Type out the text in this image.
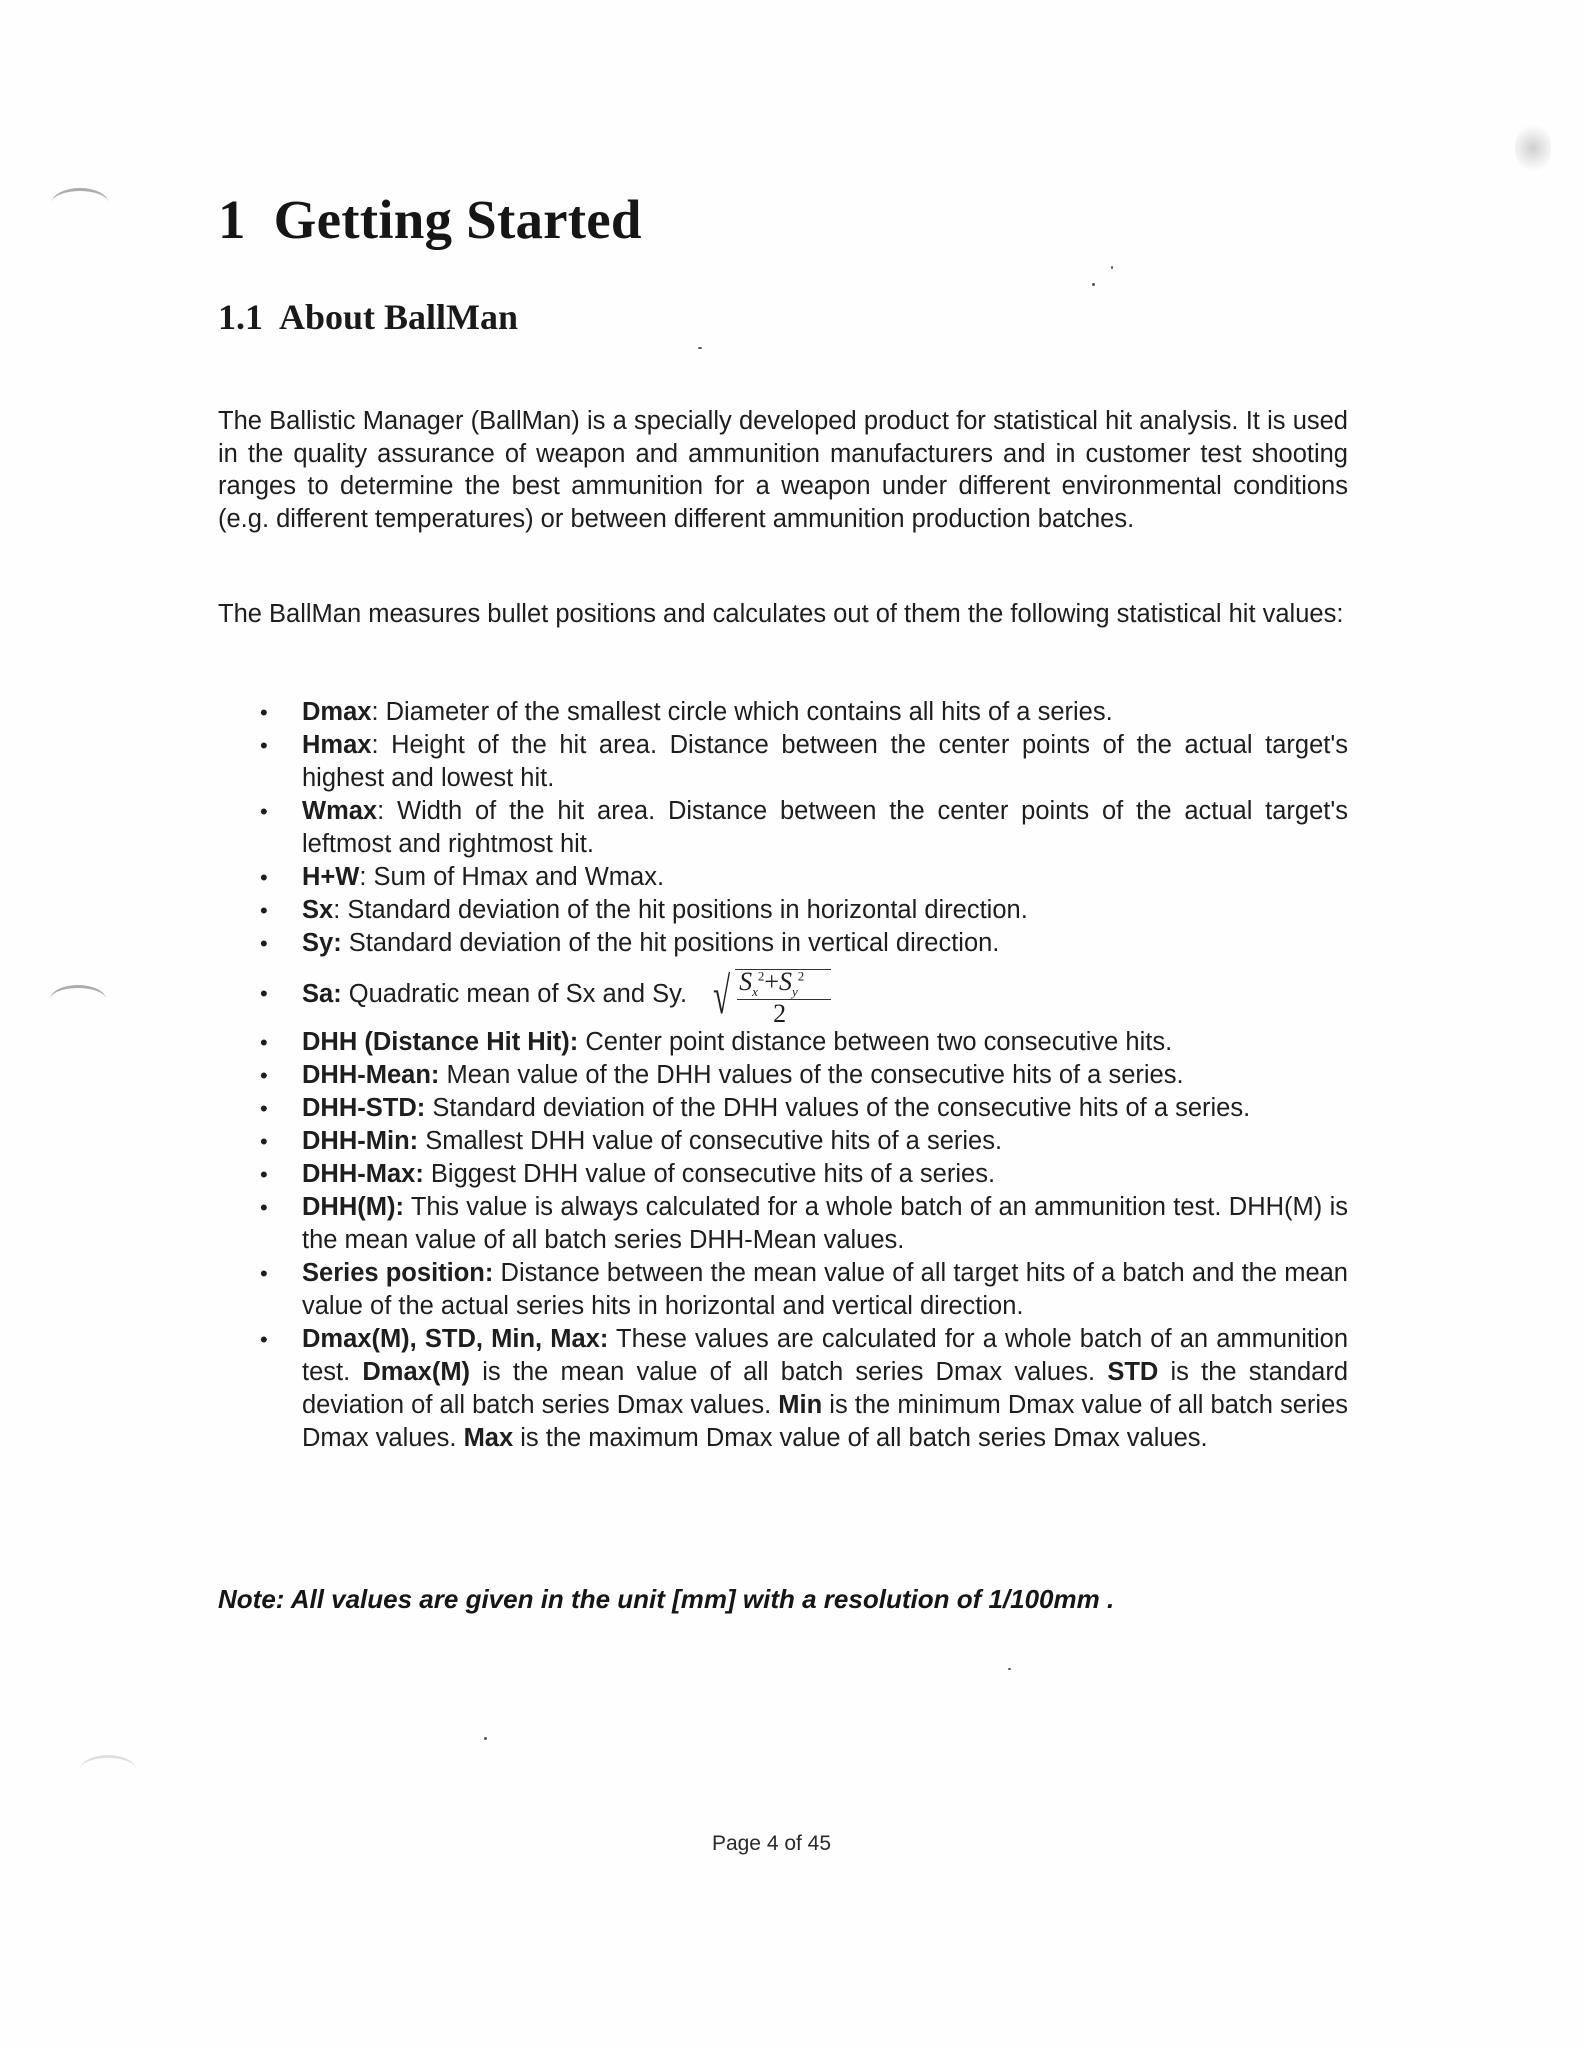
1 Getting Started
1.1 About BallMan

The Ballistic Manager (BallMan) is a specially developed product for statistical hit analysis. It is used in the quality assurance of weapon and ammunition manufacturers and in customer test shooting ranges to determine the best ammunition for a weapon under different environmental conditions (e.g. different temperatures) or between different ammunition production batches.

The BallMan measures bullet positions and calculates out of them the following statistical hit values:

• Dmax: Diameter of the smallest circle which contains all hits of a series.
• Hmax: Height of the hit area. Distance between the center points of the actual target's highest and lowest hit.
• Wmax: Width of the hit area. Distance between the center points of the actual target's leftmost and rightmost hit.
• H+W: Sum of Hmax and Wmax.
• Sx: Standard deviation of the hit positions in horizontal direction.
• Sy: Standard deviation of the hit positions in vertical direction.
• Sa: Quadratic mean of Sx and Sy. √ $S_x^2+S_y^2$
2
• DHH (Distance Hit Hit): Center point distance between two consecutive hits.
• DHH-Mean: Mean value of the DHH values of the consecutive hits of a series.
• DHH-STD: Standard deviation of the DHH values of the consecutive hits of a series.
• DHH-Min: Smallest DHH value of consecutive hits of a series.
• DHH-Max: Biggest DHH value of consecutive hits of a series.
• DHH(M): This value is always calculated for a whole batch of an ammunition test. DHH(M) is the mean value of all batch series DHH-Mean values.
• Series position: Distance between the mean value of all target hits of a batch and the mean value of the actual series hits in horizontal and vertical direction.
• Dmax(M), STD, Min, Max: These values are calculated for a whole batch of an ammunition test. Dmax(M) is the mean value of all batch series Dmax values. STD is the standard deviation of all batch series Dmax values. Min is the minimum Dmax value of all batch series Dmax values. Max is the maximum Dmax value of all batch series Dmax values.

Note: All values are given in the unit [mm] with a resolution of 1/100mm .

Page 4 of 45
